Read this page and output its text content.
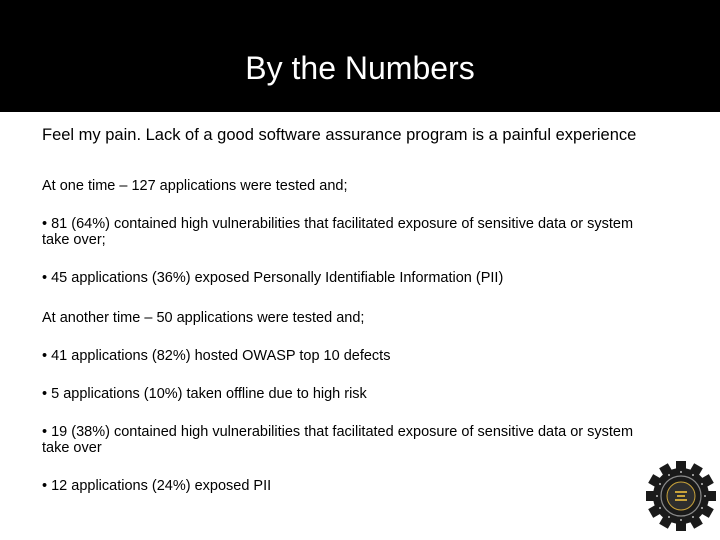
By the Numbers

Feel my pain. Lack of a good software assurance program is a painful experience

At one time – 127 applications were tested and;

• 81 (64%) contained high vulnerabilities that facilitated exposure of sensitive data or system take over;

• 45 applications (36%) exposed Personally Identifiable Information (PII)

At another time – 50 applications were tested and;

• 41 applications (82%) hosted OWASP top 10 defects

• 5 applications (10%) taken offline due to high risk

• 19 (38%) contained high vulnerabilities that facilitated exposure of sensitive data or system take over

• 12 applications (24%) exposed PII
